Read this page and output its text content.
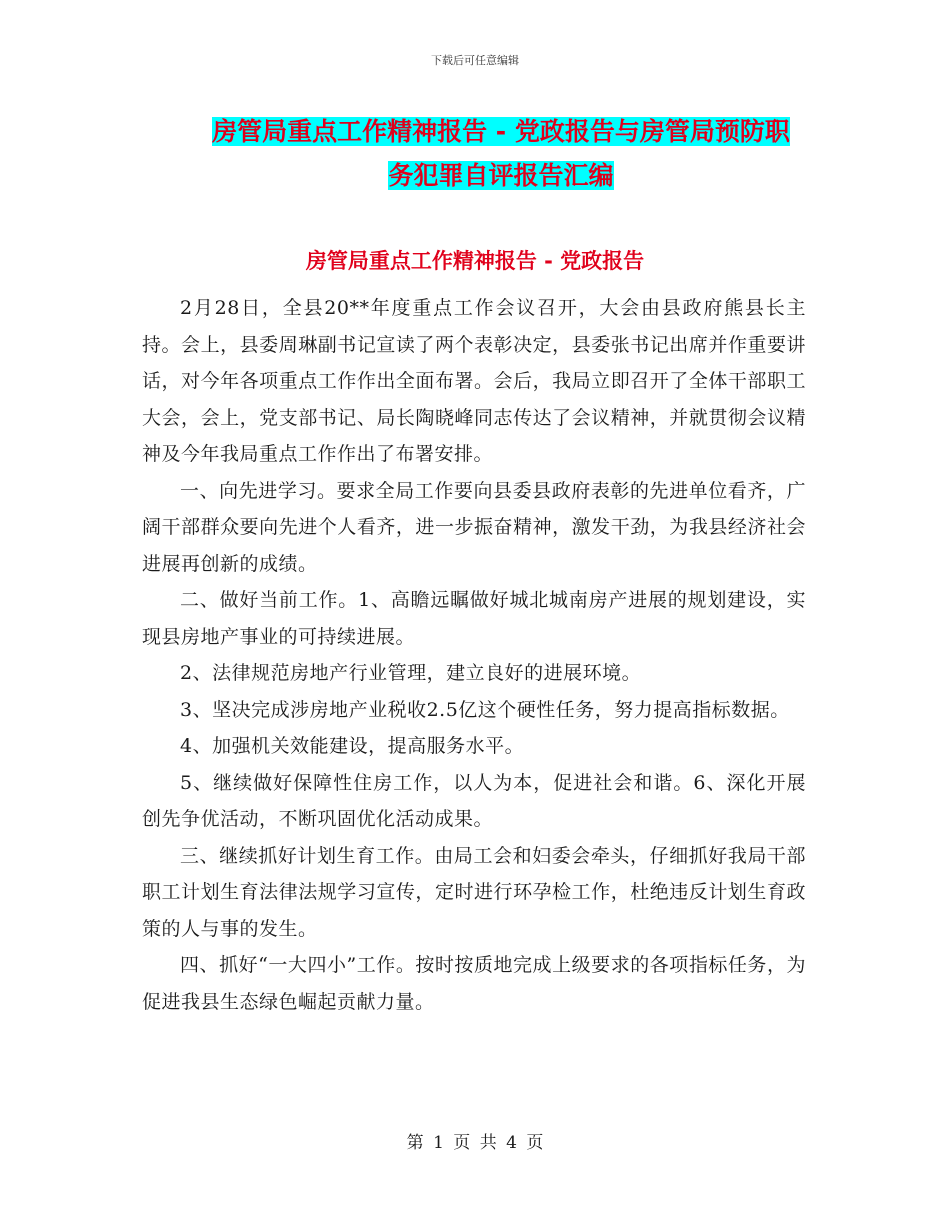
下载后可任意编辑
房管局重点工作精神报告 - 党政报告与房管局预防职
务犯罪自评报告汇编
房管局重点工作精神报告 - 党政报告

2月28日，全县20**年度重点工作会议召开，大会由县政府熊县长主持。会上，县委周琳副书记宣读了两个表彰决定，县委张书记出席并作重要讲话，对今年各项重点工作作出全面布署。会后，我局立即召开了全体干部职工大会，会上，党支部书记、局长陶晓峰同志传达了会议精神，并就贯彻会议精神及今年我局重点工作作出了布署安排。

一、向先进学习。要求全局工作要向县委县政府表彰的先进单位看齐，广阔干部群众要向先进个人看齐，进一步振奋精神，激发干劲，为我县经济社会进展再创新的成绩。

二、做好当前工作。1、高瞻远瞩做好城北城南房产进展的规划建设，实现县房地产事业的可持续进展。

2、法律规范房地产行业管理，建立良好的进展环境。

3、坚决完成涉房地产业税收2.5亿这个硬性任务，努力提高指标数据。

4、加强机关效能建设，提高服务水平。

5、继续做好保障性住房工作，以人为本，促进社会和谐。6、深化开展创先争优活动，不断巩固优化活动成果。

三、继续抓好计划生育工作。由局工会和妇委会牵头，仔细抓好我局干部职工计划生育法律法规学习宣传，定时进行环孕检工作，杜绝违反计划生育政策的人与事的发生。

四、抓好“一大四小”工作。按时按质地完成上级要求的各项指标任务，为促进我县生态绿色崛起贡献力量。

第 1 页 共 4 页
